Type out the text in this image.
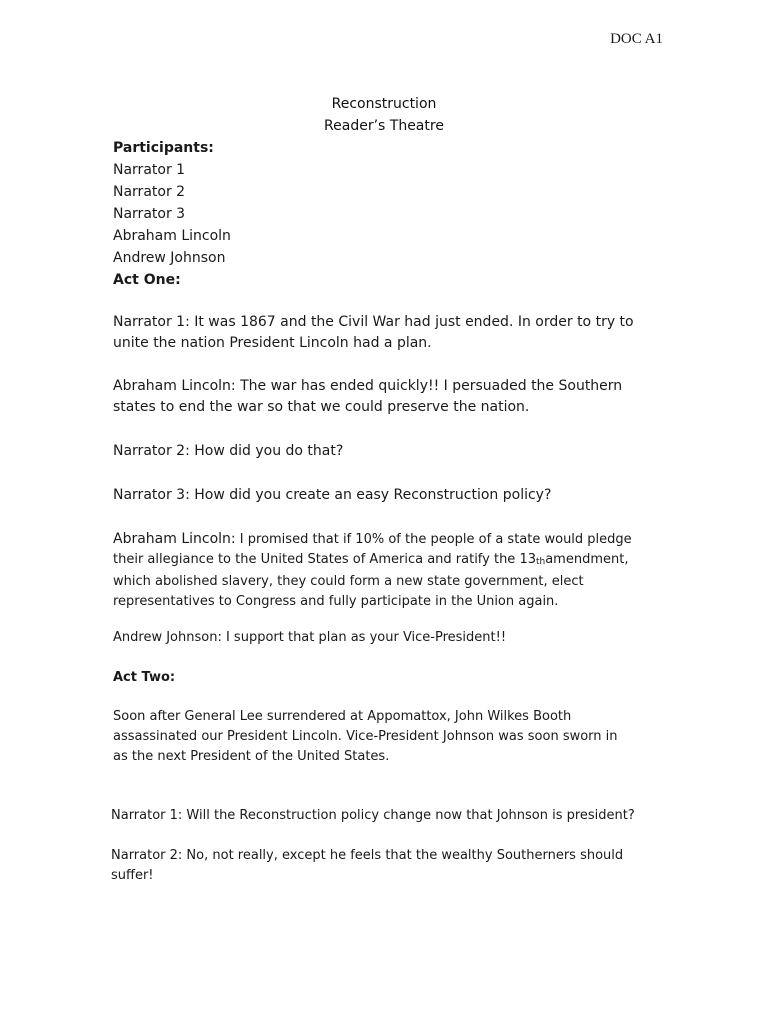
DOC A1
Reconstruction
Reader’s Theatre
Participants:
Narrator 1
Narrator 2
Narrator 3
Abraham Lincoln
Andrew Johnson
Act One:
Narrator 1: It was 1867 and the Civil War had just ended. In order to try to unite the nation President Lincoln had a plan.
Abraham Lincoln: The war has ended quickly!! I persuaded the Southern states to end the war so that we could preserve the nation.
Narrator 2: How did you do that?
Narrator 3: How did you create an easy Reconstruction policy?
Abraham Lincoln: I promised that if 10% of the people of a state would pledge their allegiance to the United States of America and ratify the 13thamendment, which abolished slavery, they could form a new state government, elect representatives to Congress and fully participate in the Union again.
Andrew Johnson: I support that plan as your Vice-President!!
Act Two:
Soon after General Lee surrendered at Appomattox, John Wilkes Booth assassinated our President Lincoln. Vice-President Johnson was soon sworn in as the next President of the United States.
Narrator 1: Will the Reconstruction policy change now that Johnson is president?
Narrator 2: No, not really, except he feels that the wealthy Southerners should suffer!
